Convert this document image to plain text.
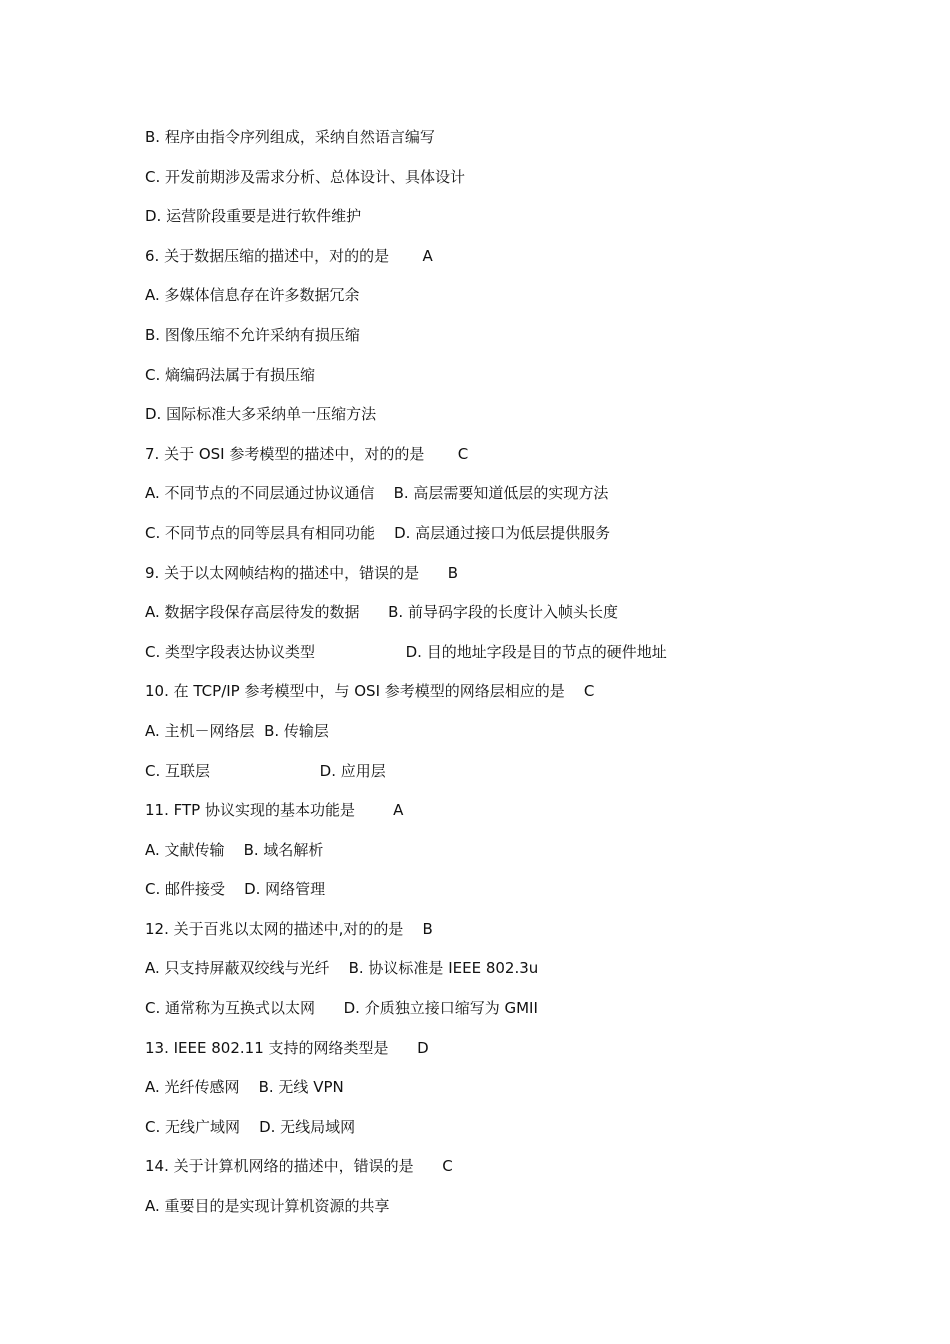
B. 程序由指令序列组成，采纳自然语言编写
C. 开发前期涉及需求分析、总体设计、具体设计
D. 运营阶段重要是进行软件维护
6. 关于数据压缩的描述中，对的的是       A
A. 多媒体信息存在许多数据冗余
B. 图像压缩不允许采纳有损压缩
C. 熵编码法属于有损压缩
D. 国际标准大多采纳单一压缩方法
7. 关于 OSI 参考模型的描述中，对的的是       C
A. 不同节点的不同层通过协议通信    B. 高层需要知道低层的实现方法
C. 不同节点的同等层具有相同功能    D. 高层通过接口为低层提供服务
9. 关于以太网帧结构的描述中，错误的是      B
A. 数据字段保存高层待发的数据      B. 前导码字段的长度计入帧头长度
C. 类型字段表达协议类型                   D. 目的地址字段是目的节点的硬件地址
10. 在 TCP/IP 参考模型中，与 OSI 参考模型的网络层相应的是    C
A. 主机－网络层  B. 传输层
C. 互联层                       D. 应用层
11. FTP 协议实现的基本功能是        A
A. 文献传输    B. 域名解析
C. 邮件接受    D. 网络管理
12. 关于百兆以太网的描述中,对的的是    B
A. 只支持屏蔽双绞线与光纤    B. 协议标准是 IEEE 802.3u
C. 通常称为互换式以太网      D. 介质独立接口缩写为 GMII
13. IEEE 802.11 支持的网络类型是      D
A. 光纤传感网    B. 无线 VPN
C. 无线广域网    D. 无线局域网
14. 关于计算机网络的描述中，错误的是      C
A. 重要目的是实现计算机资源的共享
